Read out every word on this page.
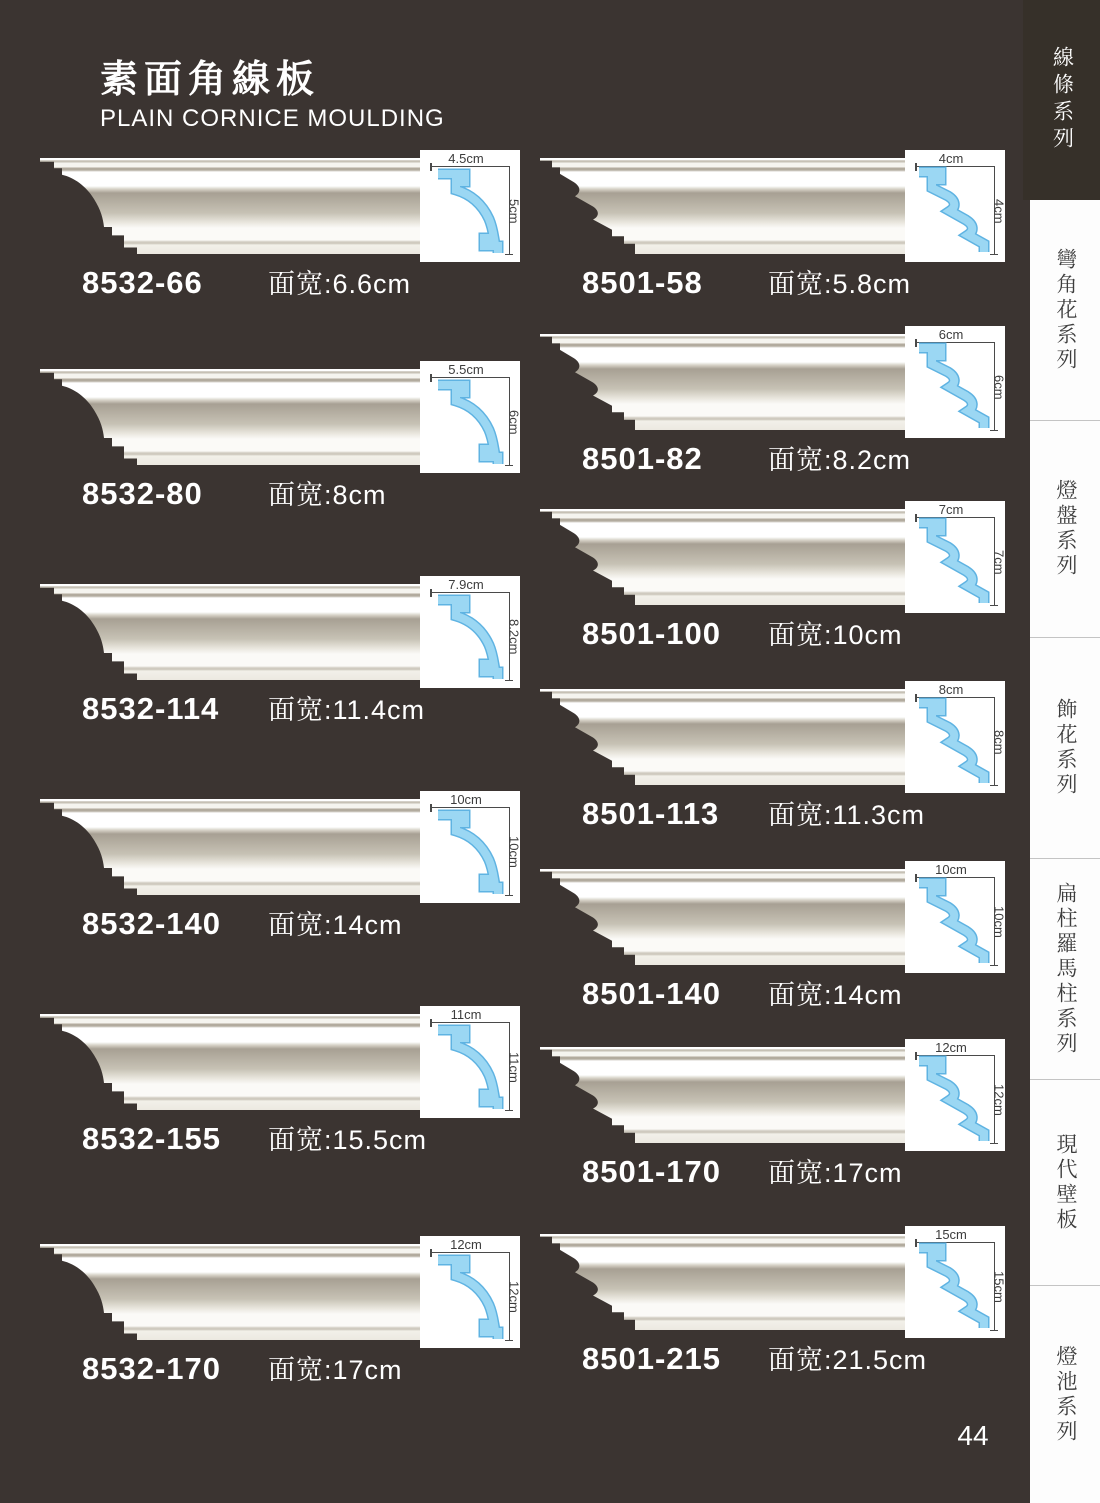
素面角線板
PLAIN CORNICE MOULDING
4.5cm
5cm
8532-66	面宽:6.6cm
5.5cm
6cm
8532-80	面宽:8cm
7.9cm
8.2cm
8532-114	面宽:11.4cm
10cm
10cm
8532-140	面宽:14cm
11cm
11cm
8532-155	面宽:15.5cm
12cm
12cm
8532-170	面宽:17cm
4cm
4cm
8501-58	面宽:5.8cm
6cm
6cm
8501-82	面宽:8.2cm
7cm
7cm
8501-100	面宽:10cm
8cm
8cm
8501-113	面宽:11.3cm
10cm
10cm
8501-140	面宽:14cm
12cm
12cm
8501-170	面宽:17cm
15cm
15cm
8501-215	面宽:21.5cm
線條系列
彎角花系列
燈盤系列
飾花系列
扁柱羅馬柱系列
現代壁板
燈池系列
44
